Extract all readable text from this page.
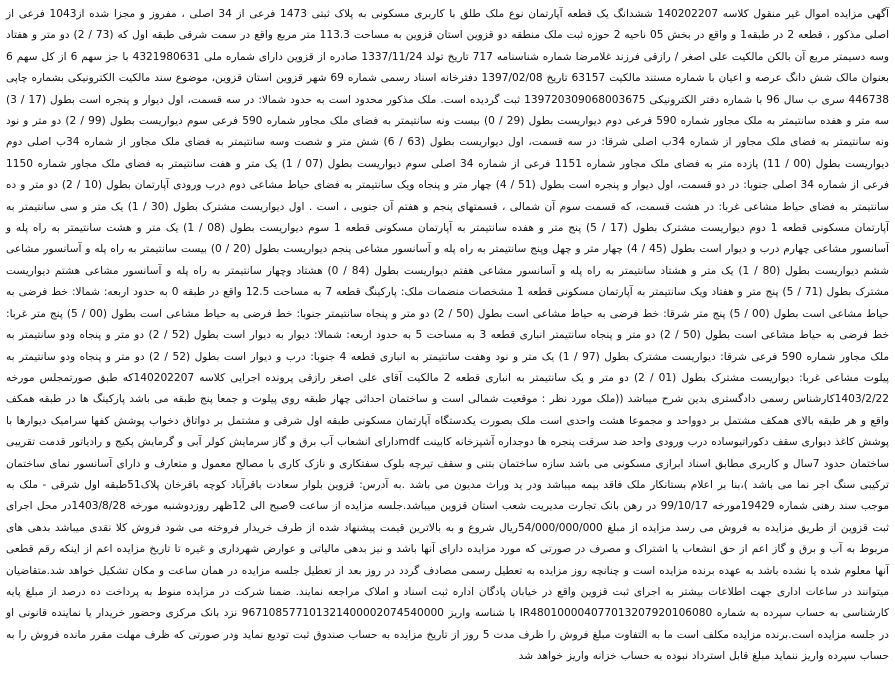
آگهی مزایده اموال غیر منقول کلاسه 140202207 ششدانگ یک قطعه آپارتمان نوع ملک طلق با کاربری مسکونی به پلاک ثبتی 1473 فرعی از 34 اصلی ، مفروز و مجزا شده از1043 فرعی از اصلی مذکور ، قطعه 2 در طبقه1 و واقع در بخش 05 ناحیه 2 حوزه ثبت ملک منطقه دو قزوین استان قزوین به مساحت 113.3 متر مربع واقع در سمت شرقی طبقه اول که (73 / 2) دو متر و هفتاد وسه دسیمتر مربع آن بالکن مالکیت علی اصغر / رازقی فرزند غلامرضا شماره شناسنامه 717 تاریخ تولد 1337/11/24 صادره از قزوین دارای شماره ملی 4321980631 با جز سهم 6 از کل سهم 6 بعنوان مالک شش دانگ عرصه و اعیان با شماره مستند مالکیت 63157 تاریخ 1397/02/08 دفترخانه اسناد رسمی شماره 69 شهر قزوین استان قزوین، موضوع سند مالکیت الکترونیکی بشماره چاپی 446738 سری ب سال 96 با شماره دفتر الکترونیکی 139720309068003675 ثبت گردیده است. ملک مذکور محدود است به حدود شمالا: در سه قسمت، اول دیوار و پنجره است بطول (17 / 3) سه متر و هفده سانتیمتر به ملک مجاور شماره 590 فرعی دوم دیواریست بطول (29 / 0) بیست ونه سانتیمتر به فضای ملک مجاور شماره 590 فرعی سوم دیواریست بطول (99 / 2) دو متر و نود ونه سانتیمتر به فضای ملک مجاور از شماره 34ب اصلی شرقا: در سه قسمت، اول دیواریست بطول (63 / 6) شش متر و شصت وسه سانتیمتر به فضای ملک مجاور از شماره 34ب اصلی دوم دیواریست بطول (00 / 11) یازده متر به فضای ملک مجاور شماره 1151 فرعی از شماره 34 اصلی سوم دیواریست بطول (07 / 1) یک متر و هفت سانتیمتر به فضای ملک مجاور شماره 1150 فرعی از شماره 34 اصلی جنوبا: در دو قسمت، اول دیوار و پنجره است بطول (51 / 4) چهار متر و پنجاه ویک سانتیمتر به فضای حیاط مشاعی دوم درب ورودی آپارتمان بطول (10 / 2) دو متر و ده سانتیمتر به فضای حیاط مشاعی غربا: در هشت قسمت، که قسمت سوم آن شمالی ، قسمتهای پنجم و هفتم آن جنوبی ، است . اول دیواریست مشترک بطول (30 / 1) یک متر و سی سانتیمتر به آپارتمان مسکونی قطعه 1 دوم دیواریست مشترک بطول (17 / 5) پنج متر و هفده سانتیمتر به آپارتمان مسکونی قطعه 1 سوم دیواریست بطول (08 / 1) یک متر و هشت سانتیمتر به راه پله و آسانسور مشاعی چهارم درب و دیوار است بطول (45 / 4) چهار متر و چهل وپنج سانتیمتر به راه پله و آسانسور مشاعی پنجم دیواریست بطول (20 / 0) بیست سانتیمتر به راه پله و آسانسور مشاعی ششم دیواریست بطول (80 / 1) یک متر و هشتاد سانتیمتر به راه پله و آسانسور مشاعی هفتم دیواریست بطول (84 / 0) هشتاد وچهار سانتیمتر به راه پله و آسانسور مشاعی هشتم دیواریست مشترک بطول (71 / 5) پنج متر و هفتاد ویک سانتیمتر به آپارتمان مسکونی قطعه 1 مشخصات منضمات ملک: پارکینگ قطعه 7 به مساحت 12.5 واقع در طبقه 0 به حدود اربعه: شمالا: خط فرضی به حیاط مشاعی است بطول (00 / 5) پنج متر شرقا: خط فرضی به حیاط مشاعی است بطول (50 / 2) دو متر و پنجاه سانتیمتر جنوبا: خط فرضی به حیاط مشاعی است بطول (00 / 5) پنج متر غربا: خط فرضی به حیاط مشاعی است بطول (50 / 2) دو متر و پنجاه سانتیمتر انباری قطعه 3 به مساحت 5 به حدود اربعه: شمالا: دیوار به دیوار است بطول (52 / 2) دو متر و پنجاه ودو سانتیمتر به ملک مجاور شماره 590 فرعی شرقا: دیواریست مشترک بطول (97 / 1) یک متر و نود وهفت سانتیمتر به انباری قطعه 4 جنوبا: درب و دیوار است بطول (52 / 2) دو متر و پنجاه ودو سانتیمتر به پیلوت مشاعی غربا: دیواریست مشترک بطول (01 / 2) دو متر و یک سانتیمتر به انباری قطعه 2 مالکیت آقای علی اصغر رازقی پرونده اجرایی کلاسه 140202207که طبق صورتمجلس مورخه 1403/2/22کارشناس رسمی دادگستری بدین شرح میباشد ((ملک مورد نظر : موقعیت شمالی است و ساختمان احداثی چهار طبقه روی پیلوت و جمعا پنج طبقه می باشد پارکینگ ها در طبقه همکف واقع و هر طبقه بالای همکف مشتمل بر دوواحد و مجموعا هشت واحدی است ملک بصورت یکدستگاه آپارتمان مسکونی طبقه اول شرقی و مشتمل بر دواتاق دخواب پوشش کفها سرامیک دیوارها با پوشش کاغذ دیواری سقف دکوراتیوساده درب ورودی واحد ضد سرقت پنجره ها دوجداره آشپزخانه کابینت mdfدارای انشعاب آب برق و گاز سرمایش کولر آبی و گرمایش پکیج و رادیاتور قدمت تقریبی ساختمان حدود 7سال و کاربری مطابق اسناد ابرازی مسکونی می باشد سازه ساختمان بتنی و سقف تیرچه بلوک سفتکاری و نازک کاری با مصالح معمول و متعارف و دارای آسانسور نمای ساختمان ترکیبی سنگ اجر نما می باشد )،بنا بر اعلام بستانکار ملک فاقد بیمه میباشد ودر ید وراث مدیون می باشد .به آدرس: قزوین بلوار سعادت باقرآباد کوچه باقرخان پلاک51طبقه اول شرقی - ملک به موجب سند رهنی شماره 19429مورخه 99/10/17 در رهن بانک تجارت مدیریت شعب استان قزوین میباشد.جلسه مزایده از ساعت 9صبح الی 12ظهر روزدوشنبه مورخه 1403/8/28در محل اجرای ثبت قزوین از طریق مزایده به فروش می رسد مزایده از مبلغ 54/000/000/000ریال شروع و به بالاترین قیمت پیشنهاد شده از طرف خریدار فروخته می شود فروش کلا نقدی میباشد بدهی های مربوط به آب و برق و گاز اعم از حق انشعاب یا اشتراک و مصرف در صورتی که مورد مزایده دارای آنها باشد و نیز بدهی مالیاتی و عوارض شهرداری و غیره تا تاریخ مزایده اعم از اینکه رقم قطعی آنها معلوم شده یا نشده باشد به عهده برنده مزایده است و چنانچه روز مزایده به تعطیل رسمی مصادف گردد در روز بعد از تعطیل جلسه مزایده در همان ساعت و مکان تشکیل خواهد شد.متقاضیان میتوانند در ساعات اداری جهت اطلاعات بیشتر به اجرای ثبت قزوین واقع در خیابان پادگان اداره ثبت اسناد و املاک مراجعه نمایند. ضمنا شرکت در مزایده منوط به پرداخت ده درصد از مبلغ پایه کارشناسی به حساب سپرده به شماره IR480100004077013207920106080 با شناسه واریز 967108577101321400002074540000 نزد بانک مرکزی وحضور خریدار یا نماینده قانونی او در جلسه مزایده است.برنده مزایده مکلف است ما به التفاوت مبلغ فروش را ظرف مدت 5 روز از تاریخ مزایده به حساب صندوق ثبت تودیع نماید ودر صورتی که ظرف مهلت مقرر مانده فروش را به حساب سپرده واریز ننماید مبلغ قابل استرداد نبوده به حساب خزانه واریز خواهد شد
